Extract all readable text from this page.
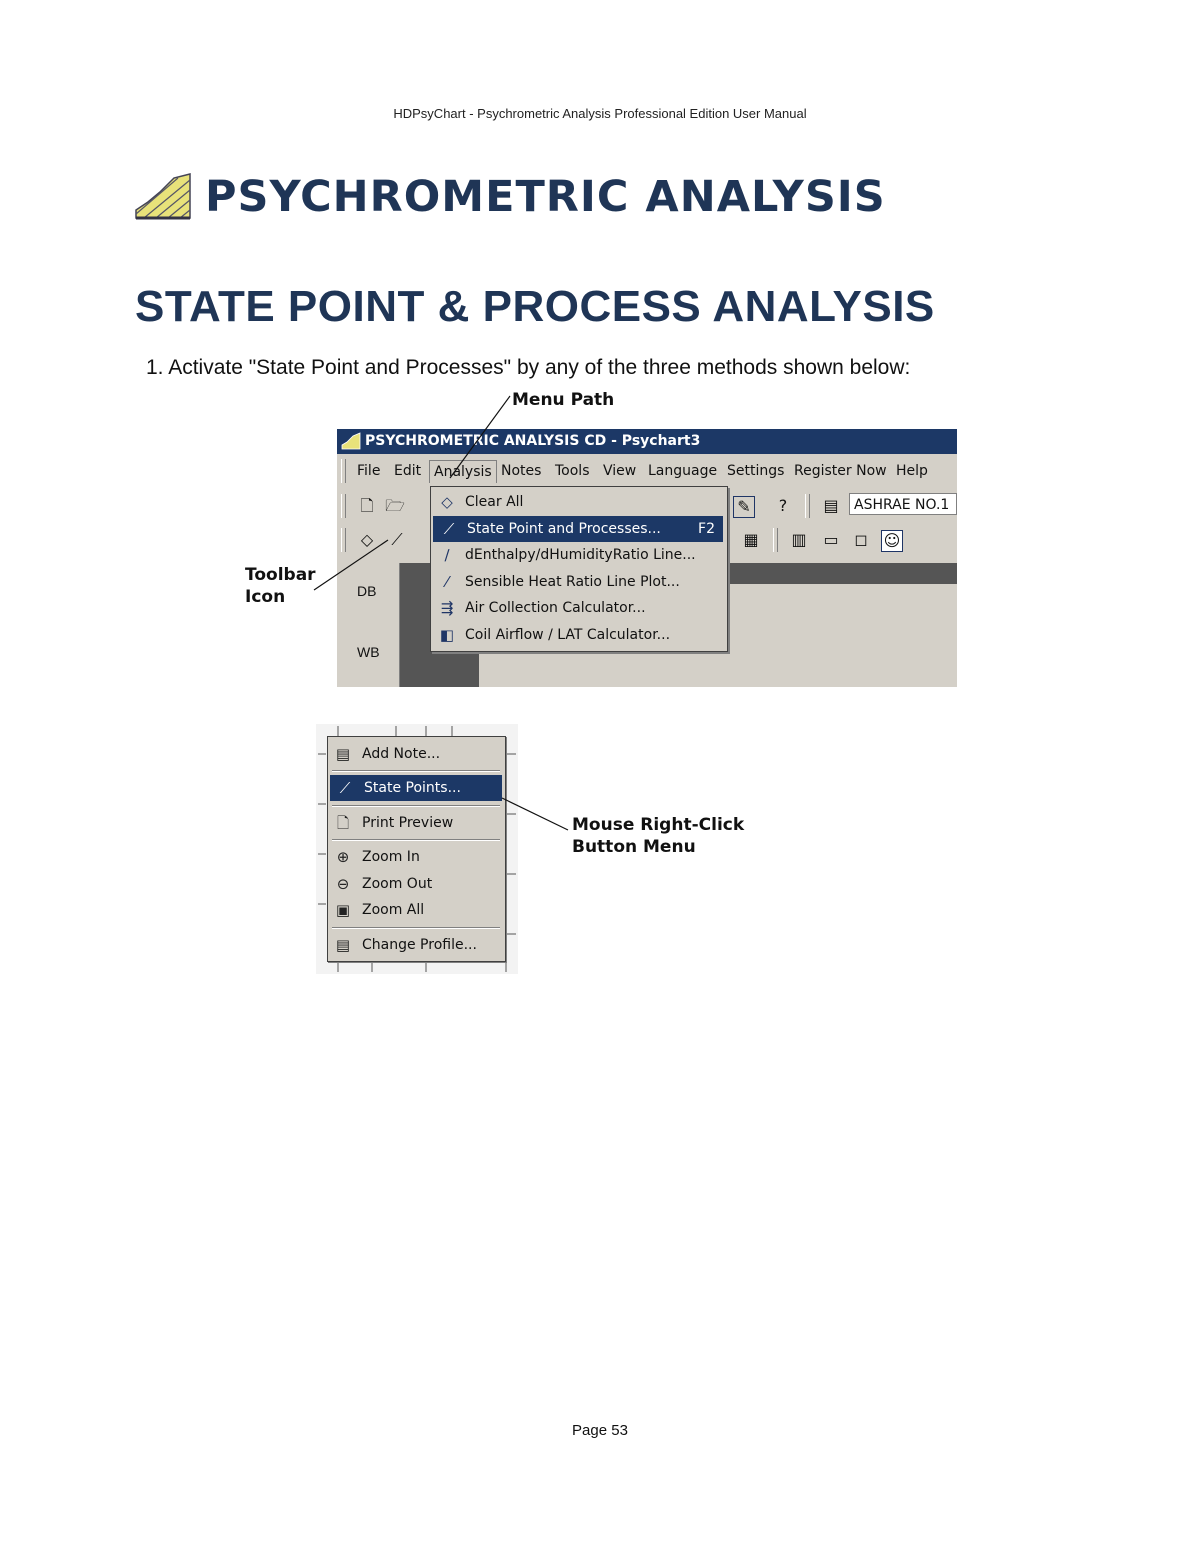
HDPsyChart - Psychrometric Analysis Professional Edition User Manual
PSYCHROMETRIC ANALYSIS
STATE POINT & PROCESS ANALYSIS
1. Activate "State Point and Processes" by any of the three methods shown below:
Menu Path
Toolbar
Icon
Mouse Right-Click
Button Menu
PSYCHROMETRIC ANALYSIS CD - Psychart3
File Edit Analysis Notes Tools View Language Settings Register Now Help
🗋 🗁	✎	?	▤	ASHRAE NO.1
◇ ⟋	▦ ▥ ▭ ◻ ☺
DB
WB
◇ Clear All
⟋ State Point and Processes...	F2
∕	dEnthalpy/dHumidityRatio Line...
⁄	Sensible Heat Ratio Line Plot...
⇶ Air Collection Calculator...
◧ Coil Airflow / LAT Calculator...
▤ Add Note...
⟋ State Points...
🗋 Print Preview
⊕ Zoom In
⊖ Zoom Out
▣ Zoom All
▤ Change Profile...
Page 53
